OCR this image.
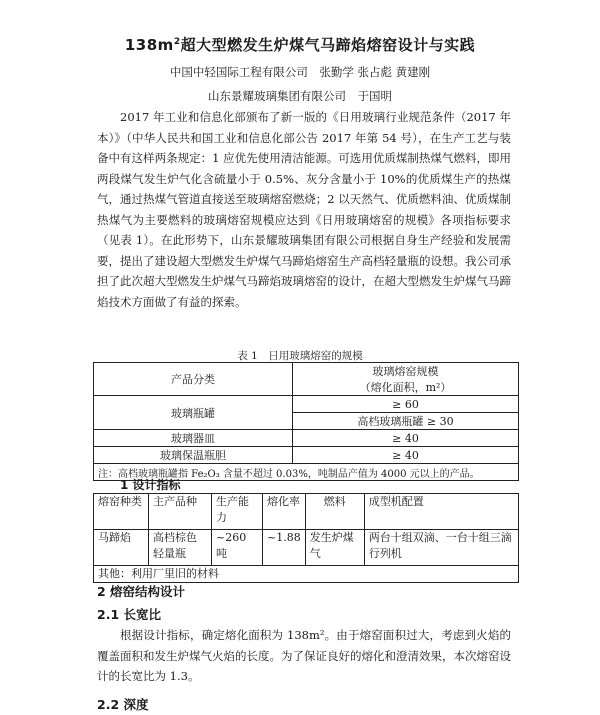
$138m^2$超大型燃发生炉煤气马蹄焰熔窑设计与实践
中国中轻国际工程有限公司　张勤学 张占彪 黄建刚
山东景耀玻璃集团有限公司　于国明

2017 年工业和信息化部颁布了新一版的《日用玻璃行业规范条件（2017 年本）》（中华人民共和国工业和信息化部公告 2017 年第 54 号），在生产工艺与装备中有这样两条规定：1 应优先使用清洁能源。可选用优质煤制热煤气燃料，即用两段煤气发生炉气化含硫量小于 0.5%、灰分含量小于 10%的优质煤生产的热煤气，通过热煤气管道直接送至玻璃熔窑燃烧；2 以天然气、优质燃料油、优质煤制热煤气为主要燃料的玻璃熔窑规模应达到《日用玻璃熔窑的规模》各项指标要求（见表 1）。在此形势下，山东景耀玻璃集团有限公司根据自身生产经验和发展需要，提出了建设超大型燃发生炉煤气马蹄焰熔窑生产高档轻量瓶的设想。我公司承担了此次超大型燃发生炉煤气马蹄焰玻璃熔窑的设计，在超大型燃发生炉煤气马蹄焰技术方面做了有益的探索。

表 1　日用玻璃熔窑的规模
产品分类	玻璃熔窑规模
（熔化面积，m²）

玻璃瓶罐	≥ 60
	高档玻璃瓶罐 ≥ 30
玻璃器皿	≥ 40
玻璃保温瓶胆	≥ 40
注：高档玻璃瓶罐指 Fe₂O₃ 含量不超过 0.03%，吨制品产值为 4000 元以上的产品。	
1 设计指标
熔窑种类	主产品种	生产能力	熔化率	燃料	成型机配置
马蹄焰	高档棕色轻量瓶	~260 吨	~1.88	发生炉煤气	两台十组双滴、一台十组三滴行列机
其他：利用厂里旧的材料					
2 熔窑结构设计
2.1 长宽比

根据设计指标，确定熔化面积为 138m²。由于熔窑面积过大，考虑到火焰的覆盖面积和发生炉煤气火焰的长度。为了保证良好的熔化和澄清效果，本次熔窑设计的长宽比为 1.3。

2.2 深度
